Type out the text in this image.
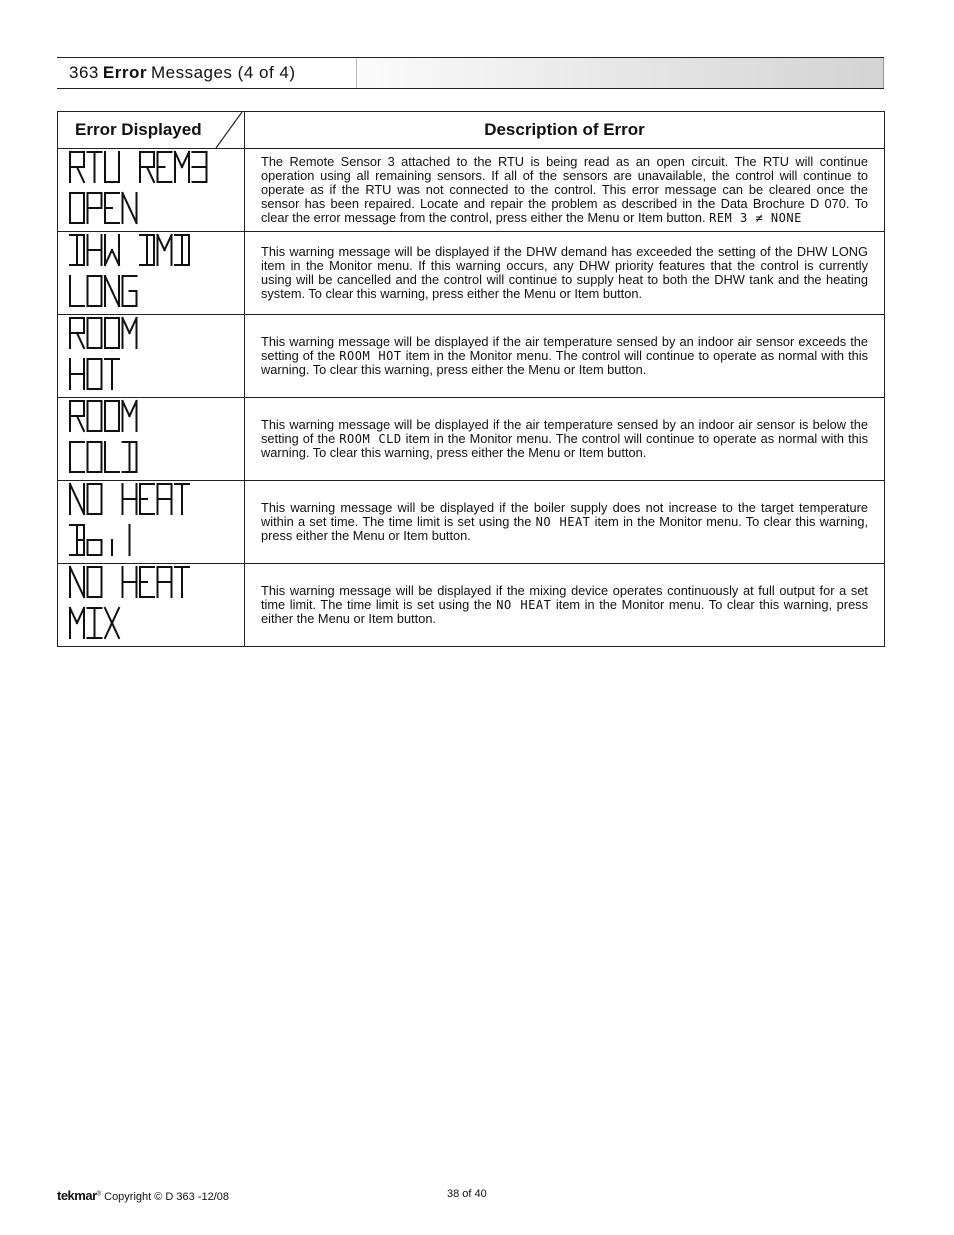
363 Error Messages (4 of 4)
Error Displayed	Description of Error

	The Remote Sensor 3 attached to the RTU is being read as an open circuit. The RTU will continue operation using all remaining sensors. If all of the sensors are unavailable, the control will continue to operate as if the RTU was not connected to the control. This error message can be cleared once the sensor has been repaired. Locate and repair the problem as described in the Data Brochure D 070. To clear the error message from the control, press either the Menu or Item button. REM 3 ≠ NONE

	This warning message will be displayed if the DHW demand has exceeded the setting of the DHW LONG item in the Monitor menu. If this warning occurs, any DHW priority features that the control is currently using will be cancelled and the control will continue to supply heat to both the DHW tank and the heating system. To clear this warning, press either the Menu or Item button.

	This warning message will be displayed if the air temperature sensed by an indoor air sensor exceeds the setting of the ROOM HOT item in the Monitor menu. The control will continue to operate as normal with this warning. To clear this warning, press either the Menu or Item button.

	This warning message will be displayed if the air temperature sensed by an indoor air sensor is below the setting of the ROOM CLD item in the Monitor menu. The control will continue to operate as normal with this warning. To clear this warning, press either the Menu or Item button.

	This warning message will be displayed if the boiler supply does not increase to the target temperature within a set time. The time limit is set using the NO HEAT item in the Monitor menu. To clear this warning, press either the Menu or Item button.

	This warning message will be displayed if the mixing device operates continuously at full output for a set time limit. The time limit is set using the NO HEAT item in the Monitor menu. To clear this warning, press either the Menu or Item button.
tekmar® Copyright © D 363 -12/08	38 of 40
